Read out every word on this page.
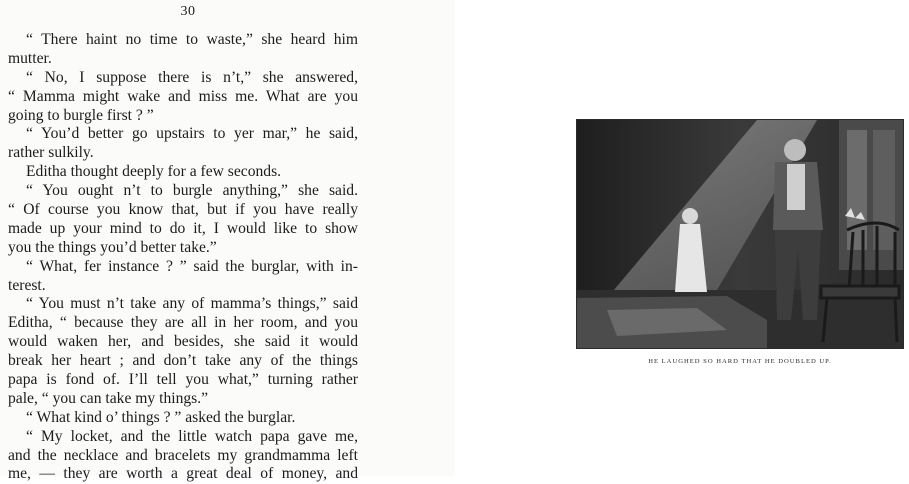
30
“ There haint no time to waste,” she heard him
mutter.
“ No, I suppose there is n’t,” she answered,
“ Mamma might wake and miss me. What are you
going to burgle first ? ”
“ You’d better go upstairs to yer mar,” he said,
rather sulkily.
Editha thought deeply for a few seconds.
“ You ought n’t to burgle anything,” she said.
“ Of course you know that, but if you have really
made up your mind to do it, I would like to show
you the things you’d better take.”
“ What, fer instance ? ” said the burglar, with in-
terest.
“ You must n’t take any of mamma’s things,” said
Editha, “ because they are all in her room, and you
would waken her, and besides, she said it would
break her heart ; and don’t take any of the things
papa is fond of. I’ll tell you what,” turning rather
pale, “ you can take my things.”
“ What kind o’ things ? ” asked the burglar.
“ My locket, and the little watch papa gave me,
and the necklace and bracelets my grandmamma left
me, — they are worth a great deal of money, and
HE LAUGHED SO HARD THAT HE DOUBLED UP.
